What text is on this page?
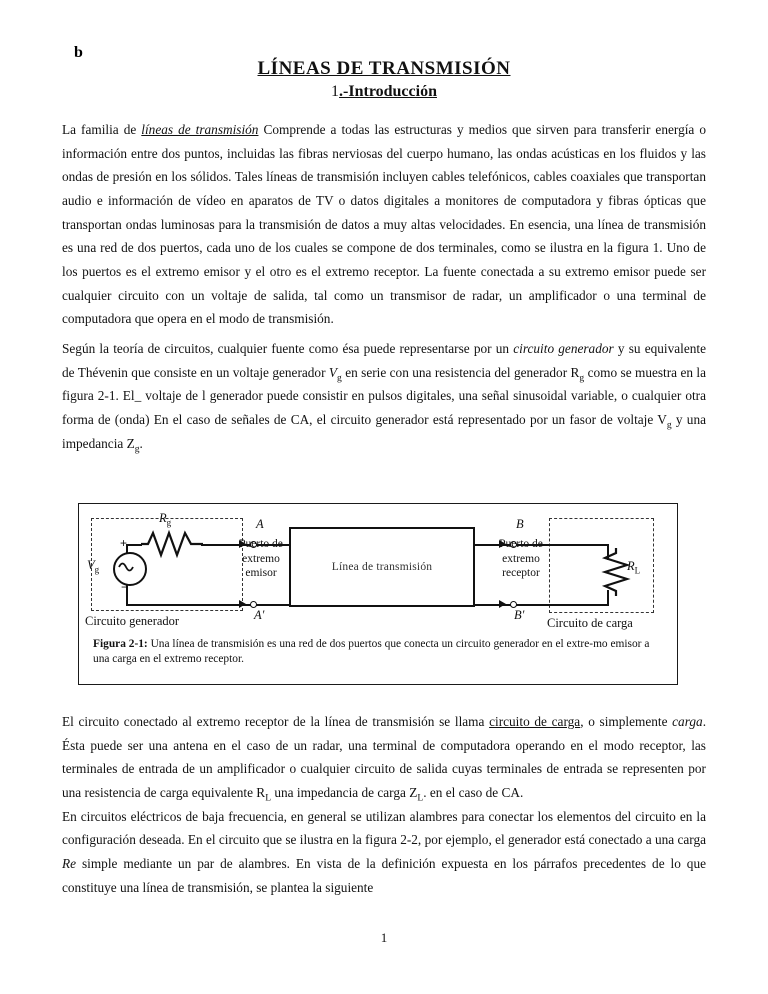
b
LÍNEAS DE TRANSMISIÓN
1.-Introducción

La familia de líneas de transmisión Comprende a todas las estructuras y medios que sirven para transferir energía o información entre dos puntos, incluidas las fibras nerviosas del cuerpo humano, las ondas acústicas en los fluidos y las ondas de presión en los sólidos. Tales líneas de transmisión incluyen cables telefónicos, cables coaxiales que transportan audio e información de vídeo en aparatos de TV o datos digitales a monitores de computadora y fibras ópticas que transportan ondas luminosas para la transmisión de datos a muy altas velocidades. En esencia, una línea de transmisión es una red de dos puertos, cada uno de los cuales se compone de dos terminales, como se ilustra en la figura 1. Uno de los puertos es el extremo emisor y el otro es el extremo receptor. La fuente conectada a su extremo emisor puede ser cualquier circuito con un voltaje de salida, tal como un transmisor de radar, un amplificador o una terminal de computadora que opera en el modo de transmisión.

Según la teoría de circuitos, cualquier fuente como ésa puede representarse por un circuito generador y su equivalente de Thévenin que consiste en un voltaje generador $V_g$ en serie con una resistencia del generador $R_g$ como se muestra en la figura 2-1. El_ voltaje de l generador puede consistir en pulsos digitales, una señal sinusoidal variable, o cualquier otra forma de (onda) En el caso de señales de CA, el circuito generador está representado por un fasor de voltaje $V_g$ y una impedancia $Z_g$.

$R_g$
+
−
$V_g$
A
A′
Puerto de
extremo
emisor
Línea de transmisión
B
B′
Puerto de
extremo
receptor
$R_L$
Circuito generador	Circuito de carga
Figura 2-1: Una línea de transmisión es una red de dos puertos que conecta un circuito generador en el extre-mo emisor a una carga en el extremo receptor.

El circuito conectado al extremo receptor de la línea de transmisión se llama circuito de carga, o simplemente carga. Ésta puede ser una antena en el caso de un radar, una terminal de computadora operando en el modo receptor, las terminales de entrada de un amplificador o cualquier circuito de salida cuyas terminales de entrada se representen por una resistencia de carga equivalente $R_L$ una impedancia de carga $Z_L$. en el caso de CA.

En circuitos eléctricos de baja frecuencia, en general se utilizan alambres para conectar los elementos del circuito en la configuración deseada. En el circuito que se ilustra en la figura 2-2, por ejemplo, el generador está conectado a una carga Re simple mediante un par de alambres. En vista de la definición expuesta en los párrafos precedentes de lo que constituye una línea de transmisión, se plantea la siguiente

1
